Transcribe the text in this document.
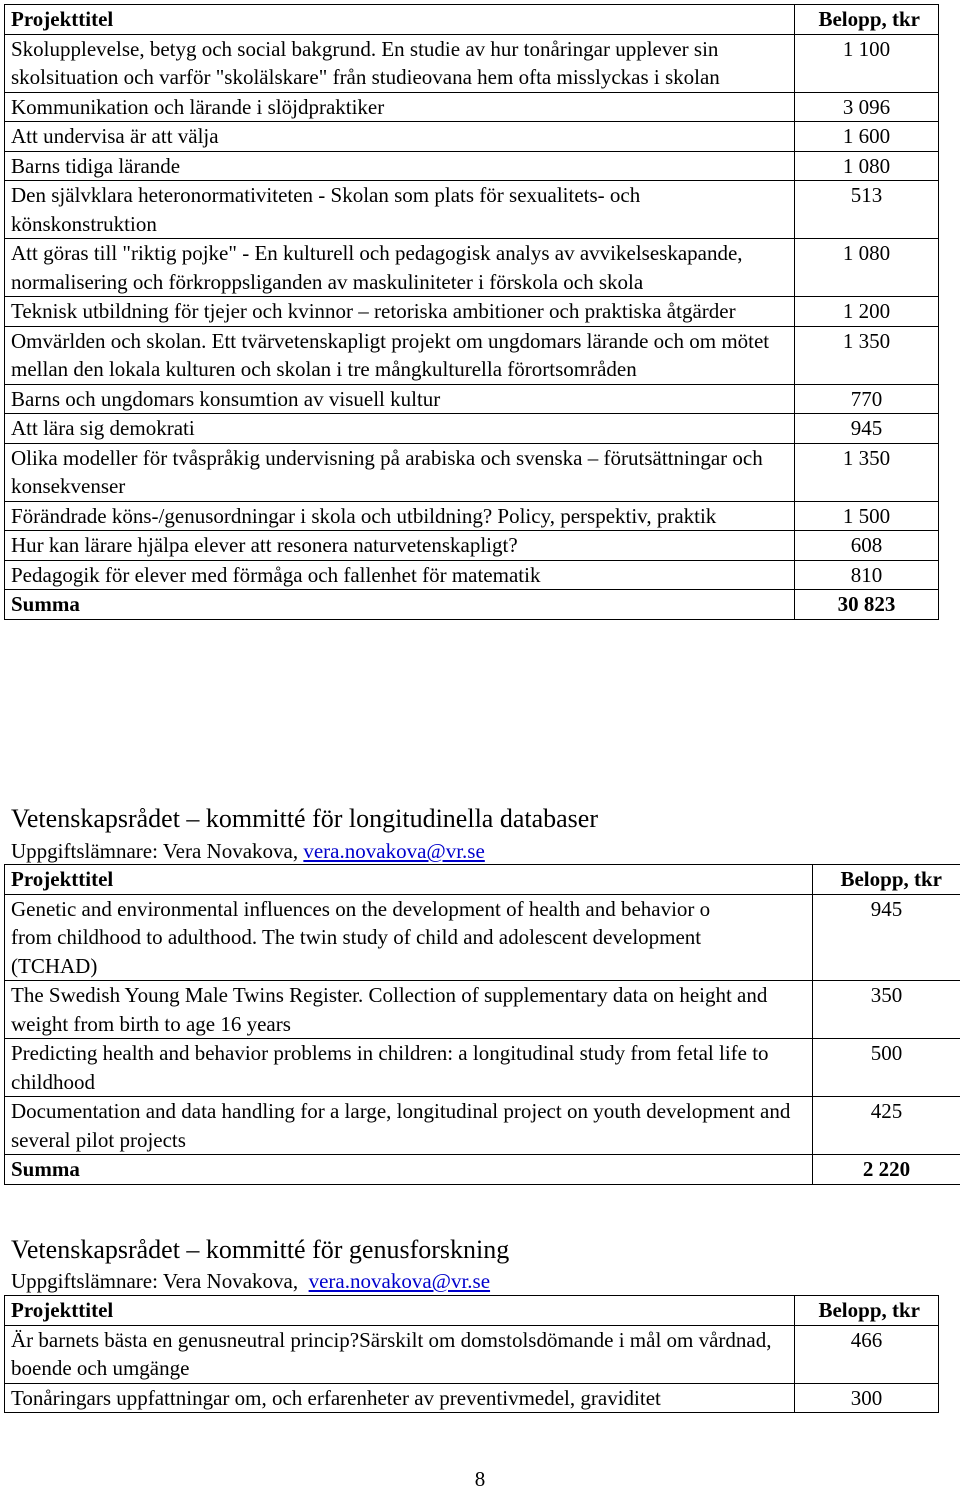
Projekttitel	Belopp, tkr
Skolupplevelse, betyg och social bakgrund. En studie av hur tonåringar upplever sin skolsituation och varför "skolälskare" från studieovana hem ofta misslyckas i skolan	1 100
Kommunikation och lärande i slöjdpraktiker	3 096
Att undervisa är att välja	1 600
Barns tidiga lärande	1 080
Den självklara heteronormativiteten - Skolan som plats för sexualitets- och könskonstruktion	513
Att göras till "riktig pojke" - En kulturell och pedagogisk analys av avvikelseskapande, normalisering och förkroppsliganden av maskuliniteter i förskola och skola	1 080
Teknisk utbildning för tjejer och kvinnor – retoriska ambitioner och praktiska åtgärder	1 200
Omvärlden och skolan. Ett tvärvetenskapligt projekt om ungdomars lärande och om mötet mellan den lokala kulturen och skolan i tre mångkulturella förortsområden	1 350
Barns och ungdomars konsumtion av visuell kultur	770
Att lära sig demokrati	945
Olika modeller för tvåspråkig undervisning på arabiska och svenska – förutsättningar och konsekvenser	1 350
Förändrade köns-/genusordningar i skola och utbildning? Policy, perspektiv, praktik	1 500
Hur kan lärare hjälpa elever att resonera naturvetenskapligt?	608
Pedagogik för elever med förmåga och fallenhet för matematik	810
Summa	30 823
Vetenskapsrådet – kommitté för longitudinella databaser
Uppgiftslämnare: Vera Novakova, vera.novakova@vr.se
Projekttitel	Belopp, tkr
Genetic and environmental influences on the development of health and behavior o
from childhood to adulthood. The twin study of child and adolescent development
(TCHAD)	945
The Swedish Young Male Twins Register. Collection of supplementary data on height and weight from birth to age 16 years	350
Predicting health and behavior problems in children: a longitudinal study from fetal life to childhood	500
Documentation and data handling for a large, longitudinal project on youth development and several pilot projects	425
Summa	2 220
Vetenskapsrådet – kommitté för genusforskning
Uppgiftslämnare: Vera Novakova,  vera.novakova@vr.se
Projekttitel	Belopp, tkr
Är barnets bästa en genusneutral princip?Särskilt om domstolsdömande i mål om vårdnad, boende och umgänge	466
Tonåringars uppfattningar om, och erfarenheter av preventivmedel, graviditet	300
8
